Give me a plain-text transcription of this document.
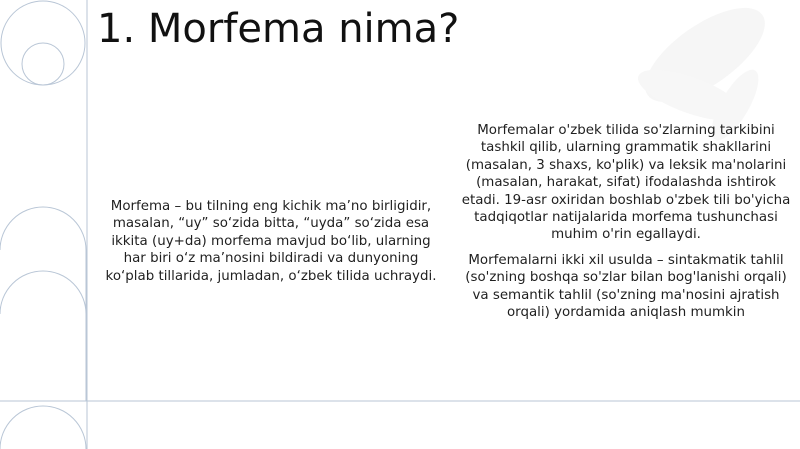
1. Morfema nima?
Morfema – bu tilning eng kichik ma’no birligidir, masalan, “uy” so‘zida bitta, “uyda” so‘zida esa ikkita (uy+da) morfema mavjud bo‘lib, ularning har biri o‘z ma’nosini bildiradi va dunyoning ko‘plab tillarida, jumladan, o‘zbek tilida uchraydi.

Morfemalar o'zbek tilida so'zlarning tarkibini tashkil qilib, ularning grammatik shakllarini (masalan, 3 shaxs, ko'plik) va leksik ma'nolarini (masalan, harakat, sifat) ifodalashda ishtirok etadi. 19-asr oxiridan boshlab o'zbek tili bo'yicha tadqiqotlar natijalarida morfema tushunchasi muhim o'rin egallaydi.

Morfemalarni ikki xil usulda – sintakmatik tahlil (so'zning boshqa so'zlar bilan bog'lanishi orqali) va semantik tahlil (so'zning ma'nosini ajratish orqali) yordamida aniqlash mumkin
